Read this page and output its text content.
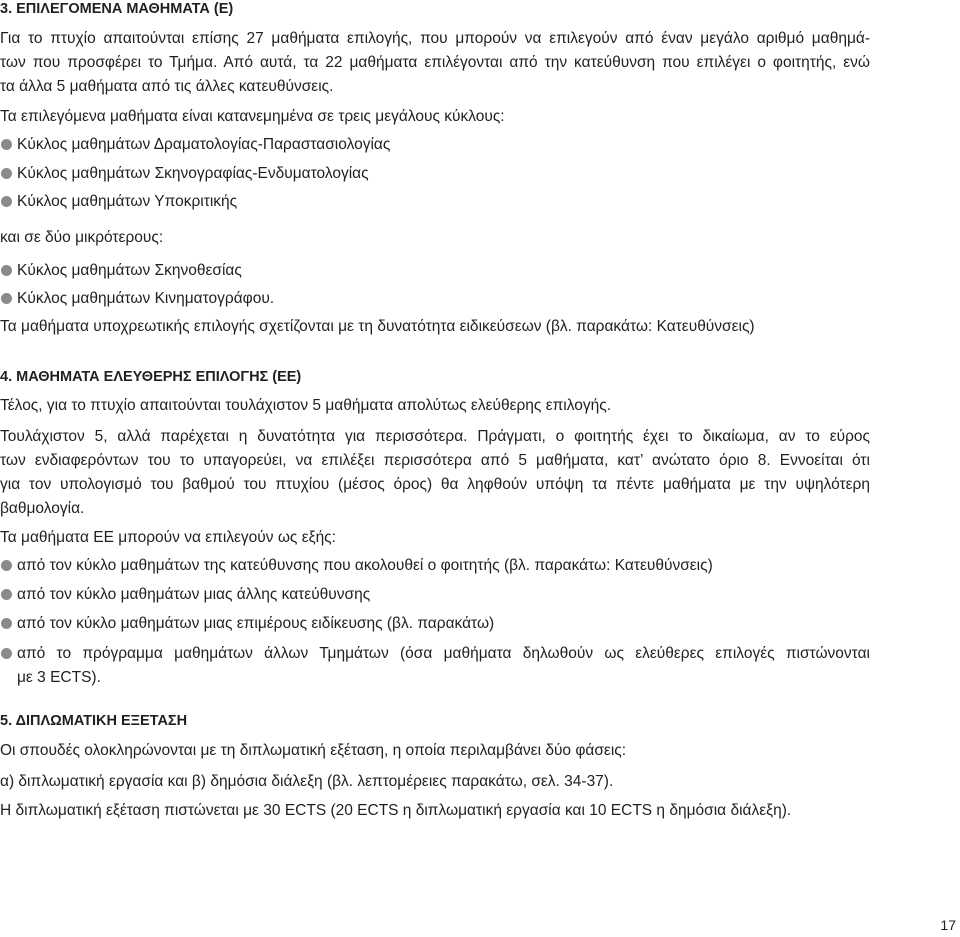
3. ΕΠΙΛΕΓΟΜΕΝΑ ΜΑΘΗΜΑΤΑ (Ε)
Για το πτυχίο απαιτούνται επίσης 27 μαθήματα επιλογής, που μπορούν να επιλεγούν από έναν μεγάλο αριθμό μαθημά-
των που προσφέρει το Τμήμα. Από αυτά, τα 22 μαθήματα επιλέγονται από την κατεύθυνση που επιλέγει ο φοιτητής, ενώ
τα άλλα 5 μαθήματα από τις άλλες κατευθύνσεις.
Τα επιλεγόμενα μαθήματα είναι κατανεμημένα σε τρεις μεγάλους κύκλους:
Κύκλος μαθημάτων Δραματολογίας-Παραστασιολογίας
Κύκλος μαθημάτων Σκηνογραφίας-Ενδυματολογίας
Κύκλος μαθημάτων Υποκριτικής
και σε δύο μικρότερους:
Κύκλος μαθημάτων Σκηνοθεσίας
Κύκλος μαθημάτων Κινηματογράφου.
Τα μαθήματα υποχρεωτικής επιλογής σχετίζονται με τη δυνατότητα ειδικεύσεων (βλ. παρακάτω: Κατευθύνσεις)
4. ΜΑΘΗΜΑΤΑ ΕΛΕΥΘΕΡΗΣ ΕΠΙΛΟΓΗΣ (ΕΕ)
Τέλος, για το πτυχίο απαιτούνται τουλάχιστον 5 μαθήματα απολύτως ελεύθερης επιλογής.
Τουλάχιστον 5, αλλά παρέχεται η δυνατότητα για περισσότερα. Πράγματι, ο φοιτητής έχει το δικαίωμα, αν το εύρος
των ενδιαφερόντων του το υπαγορεύει, να επιλέξει περισσότερα από 5 μαθήματα, κατ’ ανώτατο όριο 8. Εννοείται ότι
για τον υπολογισμό του βαθμού του πτυχίου (μέσος όρος) θα ληφθούν υπόψη τα πέντε μαθήματα με την υψηλότερη
βαθμολογία.
Τα μαθήματα ΕΕ μπορούν να επιλεγούν ως εξής:
από τον κύκλο μαθημάτων της κατεύθυνσης που ακολουθεί ο φοιτητής (βλ. παρακάτω: Κατευθύνσεις)
από τον κύκλο μαθημάτων μιας άλλης κατεύθυνσης
από τον κύκλο μαθημάτων μιας επιμέρους ειδίκευσης (βλ. παρακάτω)
από το πρόγραμμα μαθημάτων άλλων Τμημάτων (όσα μαθήματα δηλωθούν ως ελεύθερες επιλογές πιστώνονται
με 3 ECTS).
5. ΔΙΠΛΩΜΑΤΙΚΗ ΕΞΕΤΑΣΗ
Οι σπουδές ολοκληρώνονται με τη διπλωματική εξέταση, η οποία περιλαμβάνει δύο φάσεις:
α) διπλωματική εργασία και β) δημόσια διάλεξη (βλ. λεπτομέρειες παρακάτω, σελ. 34-37).
Η διπλωματική εξέταση πιστώνεται με 30 ECTS (20 ECTS η διπλωματική εργασία και 10 ECTS η δημόσια διάλεξη).
17
